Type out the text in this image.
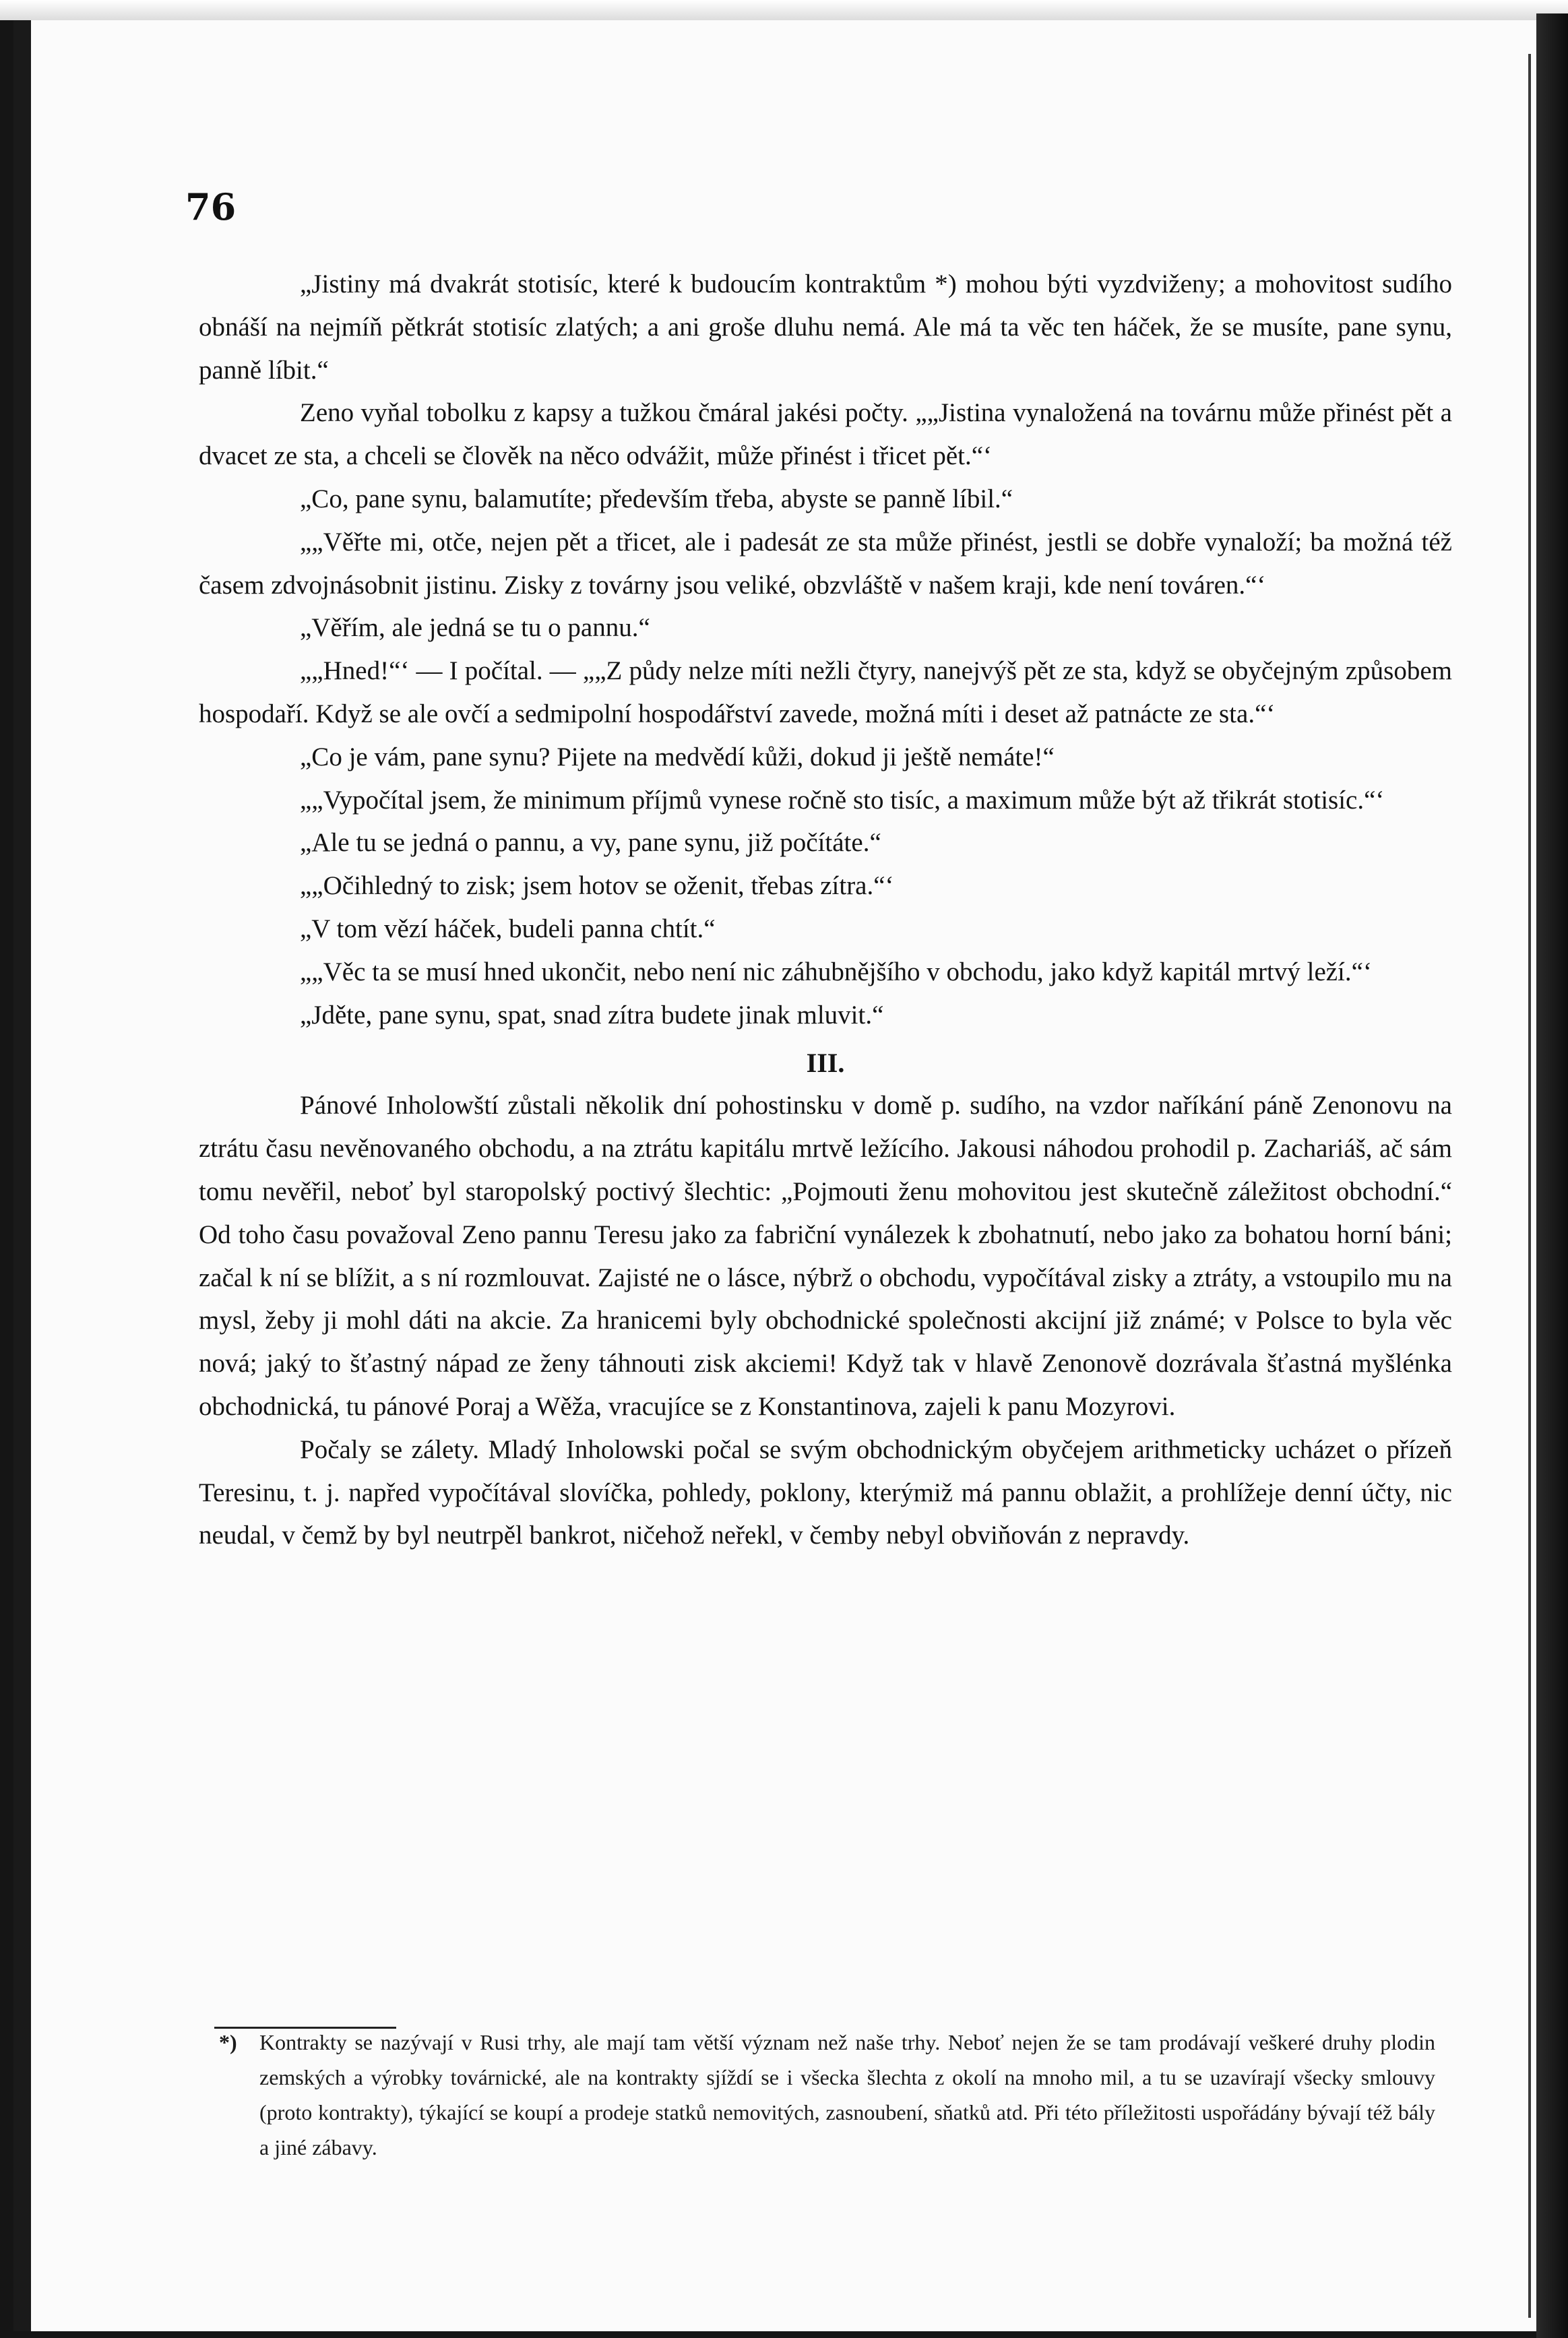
76

„Jistiny má dvakrát stotisíc, které k budoucím kontraktům *) mohou býti vyzdviženy; a mohovitost sudího obnáší na nejmíň pětkrát stotisíc zlatých; a ani groše dluhu nemá. Ale má ta věc ten háček, že se musíte, pane synu, panně líbit.“

Zeno vyňal tobolku z kapsy a tužkou čmáral jakési počty. „„Jistina vynaložená na továrnu může přinést pět a dvacet ze sta, a chceli se člověk na něco odvážit, může přinést i třicet pět.“‘

„Co, pane synu, balamutíte; především třeba, abyste se panně líbil.“

„„Věřte mi, otče, nejen pět a třicet, ale i padesát ze sta může přinést, jestli se dobře vynaloží; ba možná též časem zdvojnásobnit jistinu. Zisky z továrny jsou veliké, obzvláště v našem kraji, kde není továren.“‘

„Věřím, ale jedná se tu o pannu.“

„„Hned!“‘ — I počítal. — „„Z půdy nelze míti nežli čtyry, nanejvýš pět ze sta, když se obyčejným způsobem hospodaří. Když se ale ovčí a sedmipolní hospodářství zavede, možná míti i deset až patnácte ze sta.“‘

„Co je vám, pane synu? Pijete na medvědí kůži, dokud ji ještě nemáte!“

„„Vypočítal jsem, že minimum příjmů vynese ročně sto tisíc, a maximum může být až třikrát stotisíc.“‘

„Ale tu se jedná o pannu, a vy, pane synu, již počítáte.“

„„Očihledný to zisk; jsem hotov se oženit, třebas zítra.“‘

„V tom vězí háček, budeli panna chtít.“

„„Věc ta se musí hned ukončit, nebo není nic záhubnějšího v obchodu, jako když kapitál mrtvý leží.“‘

„Jděte, pane synu, spat, snad zítra budete jinak mluvit.“

III.

Pánové Inholowští zůstali několik dní pohostinsku v domě p. sudího, na vzdor naříkání páně Zenonovu na ztrátu času nevěnovaného obchodu, a na ztrátu kapitálu mrtvě ležícího. Jakousi náhodou prohodil p. Zachariáš, ač sám tomu nevěřil, neboť byl staropolský poctivý šlechtic: „Pojmouti ženu mohovitou jest skutečně záležitost obchodní.“ Od toho času považoval Zeno pannu Teresu jako za fabriční vynálezek k zbohatnutí, nebo jako za bohatou horní báni; začal k ní se blížit, a s ní rozmlouvat. Zajisté ne o lásce, nýbrž o obchodu, vypočítával zisky a ztráty, a vstoupilo mu na mysl, žeby ji mohl dáti na akcie. Za hranicemi byly obchodnické společnosti akcijní již známé; v Polsce to byla věc nová; jaký to šťastný nápad ze ženy táhnouti zisk akciemi! Když tak v hlavě Zenonově dozrávala šťastná myšlénka obchodnická, tu pánové Poraj a Wěža, vracujíce se z Konstantinova, zajeli k panu Mozyrovi.

Počaly se zálety. Mladý Inholowski počal se svým obchodnickým obyčejem arithmeticky ucházet o přízeň Teresinu, t. j. napřed vypočítával slovíčka, pohledy, poklony, kterýmiž má pannu oblažit, a prohlížeje denní účty, nic neudal, v čemž by byl neutrpěl bankrot, ničehož neřekl, v čemby nebyl obviňován z nepravdy.

*) Kontrakty se nazývají v Rusi trhy, ale mají tam větší význam než naše trhy. Neboť nejen že se tam prodávají veškeré druhy plodin zemských a výrobky továrnické, ale na kontrakty sjíždí se i všecka šlechta z okolí na mnoho mil, a tu se uzavírají všecky smlouvy (proto kontrakty), týkající se koupí a prodeje statků nemovitých, zasnoubení, sňatků atd. Při této příležitosti uspořádány bývají též bály a jiné zábavy.
